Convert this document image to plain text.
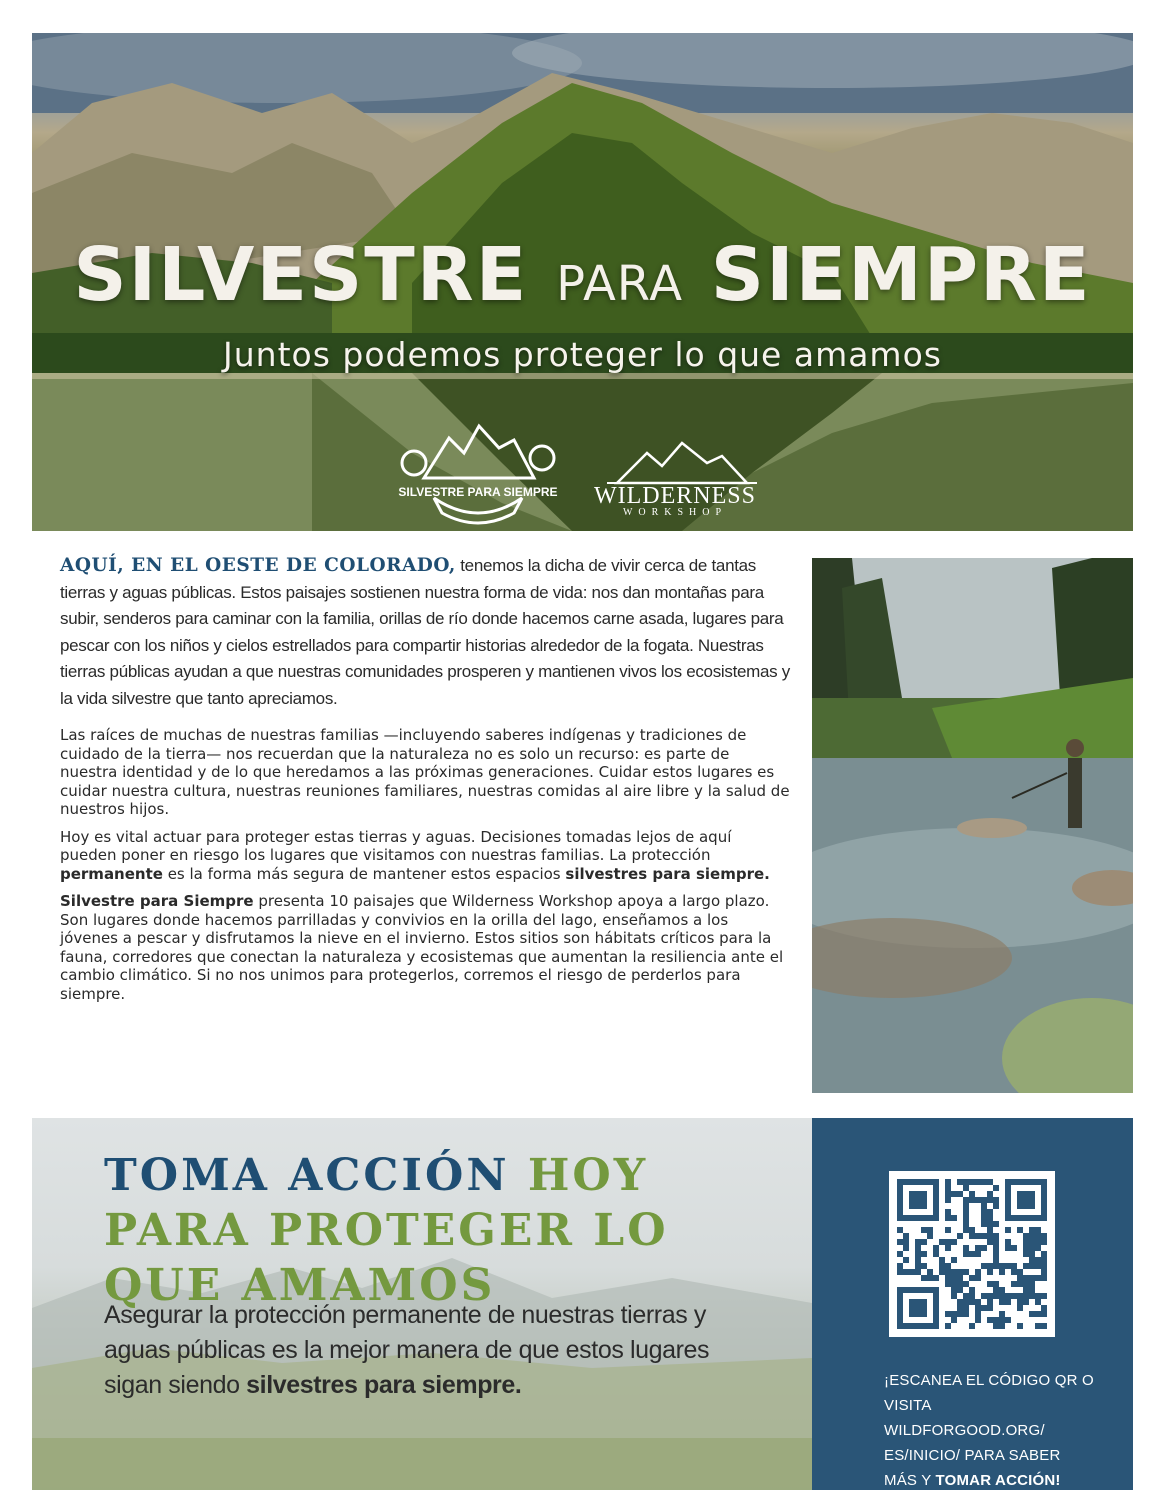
SILVESTRE PARA SIEMPRE
Juntos podemos proteger lo que amamos
SILVESTRE PARA SIEMPRE	WILDERNESS
WORKSHOP

AQUÍ, EN EL OESTE DE COLORADO, tenemos la dicha de vivir cerca de tantas tierras y aguas públicas. Estos paisajes sostienen nuestra forma de vida: nos dan montañas para subir, senderos para caminar con la familia, orillas de río donde hacemos carne asada, lugares para pescar con los niños y cielos estrellados para compartir historias alrededor de la fogata. Nuestras tierras públicas ayudan a que nuestras comunidades prosperen y mantienen vivos los ecosistemas y la vida silvestre que tanto apreciamos.

Las raíces de muchas de nuestras familias —incluyendo saberes indígenas y tradiciones de cuidado de la tierra— nos recuerdan que la naturaleza no es solo un recurso: es parte de nuestra identidad y de lo que heredamos a las próximas generaciones. Cuidar estos lugares es cuidar nuestra cultura, nuestras reuniones familiares, nuestras comidas al aire libre y la salud de nuestros hijos.

Hoy es vital actuar para proteger estas tierras y aguas. Decisiones tomadas lejos de aquí pueden poner en riesgo los lugares que visitamos con nuestras familias. La protección permanente es la forma más segura de mantener estos espacios silvestres para siempre.

Silvestre para Siempre presenta 10 paisajes que Wilderness Workshop apoya a largo plazo. Son lugares donde hacemos parrilladas y convivios en la orilla del lago, enseñamos a los jóvenes a pescar y disfrutamos la nieve en el invierno. Estos sitios son hábitats críticos para la fauna, corredores que conectan la naturaleza y ecosistemas que aumentan la resiliencia ante el cambio climático. Si no nos unimos para protegerlos, corremos el riesgo de perderlos para siempre.

TOMA ACCIÓN HOY PARA PROTEGER LO QUE AMAMOS

Asegurar la protección permanente de nuestras tierras y aguas públicas es la mejor manera de que estos lugares sigan siendo silvestres para siempre.	¡ESCANEA EL CÓDIGO QR O VISITA WILDFORGOOD.ORG/ ES/INICIO/ PARA SABER MÁS Y TOMAR ACCIÓN!
